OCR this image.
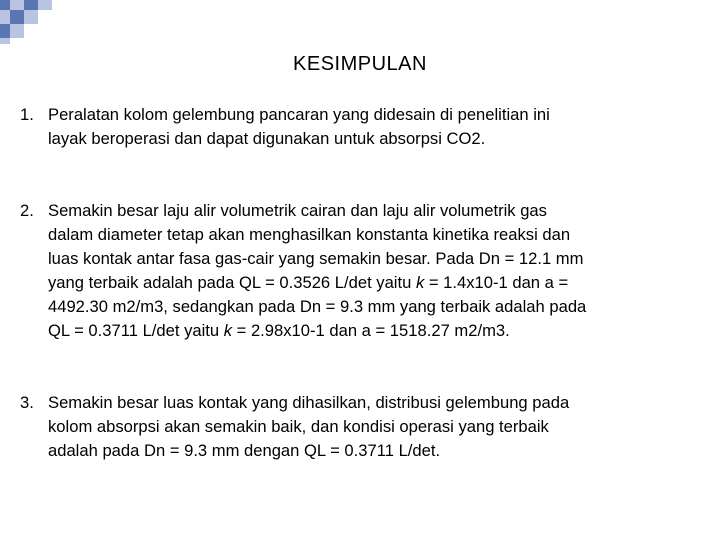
KESIMPULAN
1. Peralatan kolom gelembung pancaran yang didesain di penelitian ini
layak beroperasi dan dapat digunakan untuk absorpsi CO2.
2. Semakin besar laju alir volumetrik cairan dan laju alir volumetrik gas
dalam diameter tetap akan menghasilkan konstanta kinetika reaksi dan
luas kontak antar fasa gas-cair yang semakin besar. Pada Dn = 12.1 mm
yang terbaik adalah pada QL = 0.3526 L/det yaitu k = 1.4x10-1 dan a =
4492.30 m2/m3, sedangkan pada Dn = 9.3 mm yang terbaik adalah pada
QL = 0.3711 L/det yaitu k = 2.98x10-1 dan a = 1518.27 m2/m3.
3. Semakin besar luas kontak yang dihasilkan, distribusi gelembung pada
kolom absorpsi akan semakin baik, dan kondisi operasi yang terbaik
adalah pada Dn = 9.3 mm dengan QL = 0.3711 L/det.
